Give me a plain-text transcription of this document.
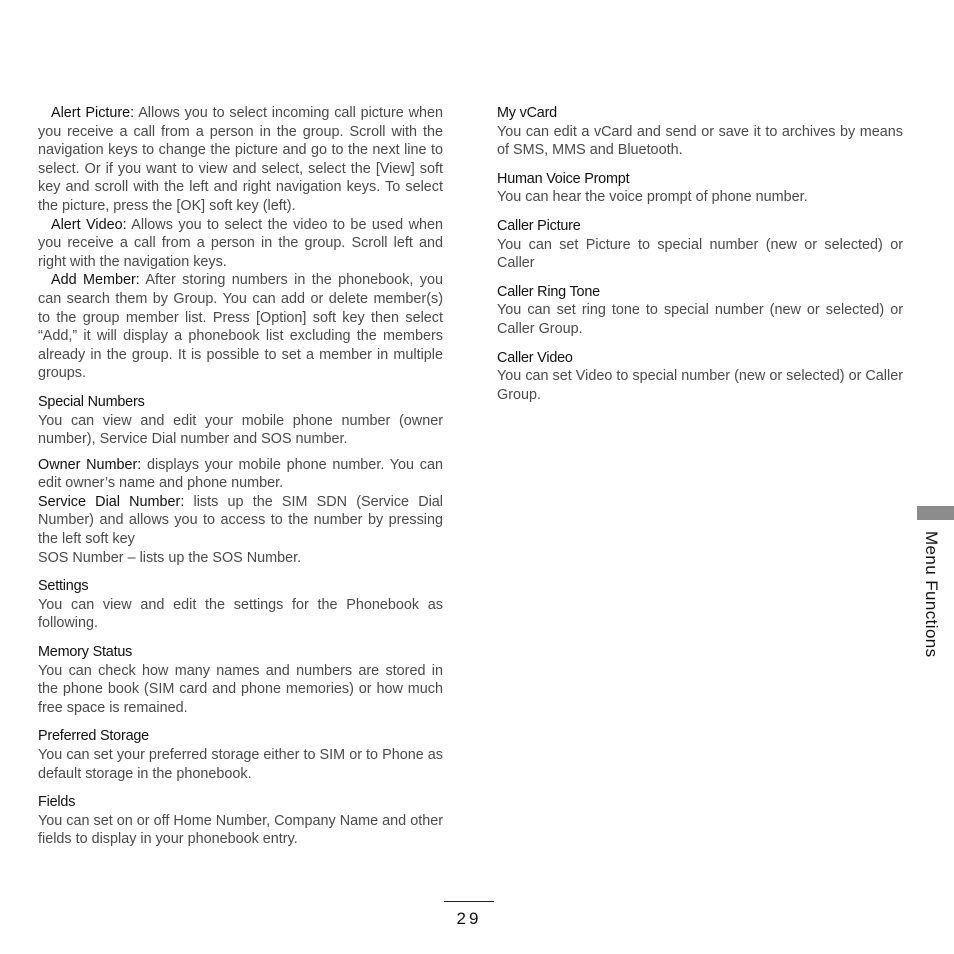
Alert Picture: Allows you to select incoming call picture when you receive a call from a person in the group. Scroll with the navigation keys to change the picture and go to the next line to select. Or if you want to view and select, select the [View] soft key and scroll with the left and right navigation keys. To select the picture, press the [OK] soft key (left).

Alert Video: Allows you to select the video to be used when you receive a call from a person in the group. Scroll left and right with the navigation keys.

Add Member: After storing numbers in the phonebook, you can search them by Group. You can add or delete member(s) to the group member list. Press [Option] soft key then select “Add,” it will display a phonebook list excluding the members already in the group. It is possible to set a member in multiple groups.

Special Numbers

You can view and edit your mobile phone number (owner number), Service Dial number and SOS number.

Owner Number: displays your mobile phone number. You can edit owner’s name and phone number.

Service Dial Number: lists up the SIM SDN (Service Dial Number) and allows you to access to the number by pressing the left soft key

SOS Number – lists up the SOS Number.

Settings

You can view and edit the settings for the Phonebook as following.

Memory Status

You can check how many names and numbers are stored in the phone book (SIM card and phone memories) or how much free space is remained.

Preferred Storage

You can set your preferred storage either to SIM or to Phone as default storage in the phonebook.

Fields

You can set on or off Home Number, Company Name and other fields to display in your phonebook entry.

My vCard

You can edit a vCard and send or save it to archives by means of SMS, MMS and Bluetooth.

Human Voice Prompt

You can hear the voice prompt of phone number.

Caller Picture

You can set Picture to special number (new or selected) or Caller

Caller Ring Tone

You can set ring tone to special number (new or selected) or Caller Group.

Caller Video

You can set Video to special number (new or selected) or Caller Group.

Menu Functions
29
